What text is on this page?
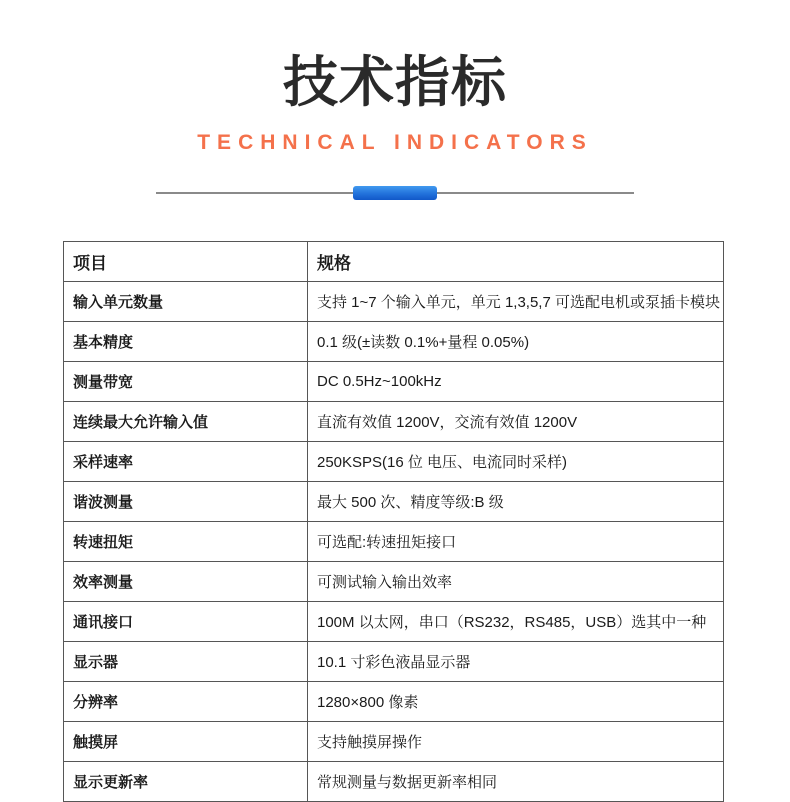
技术指标
TECHNICAL INDICATORS
项目	规格
输入单元数量	支持 1~7 个输入单元，单元 1,3,5,7 可选配电机或泵插卡模块
基本精度	0.1 级(±读数 0.1%+量程 0.05%)
测量带宽	DC 0.5Hz~100kHz
连续最大允许输入值	直流有效值 1200V，交流有效值 1200V
采样速率	250KSPS(16 位 电压、电流同时采样)
谐波测量	最大 500 次、精度等级:B 级
转速扭矩	可选配:转速扭矩接口
效率测量	可测试输入输出效率
通讯接口	100M 以太网，串口（RS232，RS485，USB）选其中一种
显示器	10.1 寸彩色液晶显示器
分辨率	1280×800 像素
触摸屏	支持触摸屏操作
显示更新率	常规测量与数据更新率相同
